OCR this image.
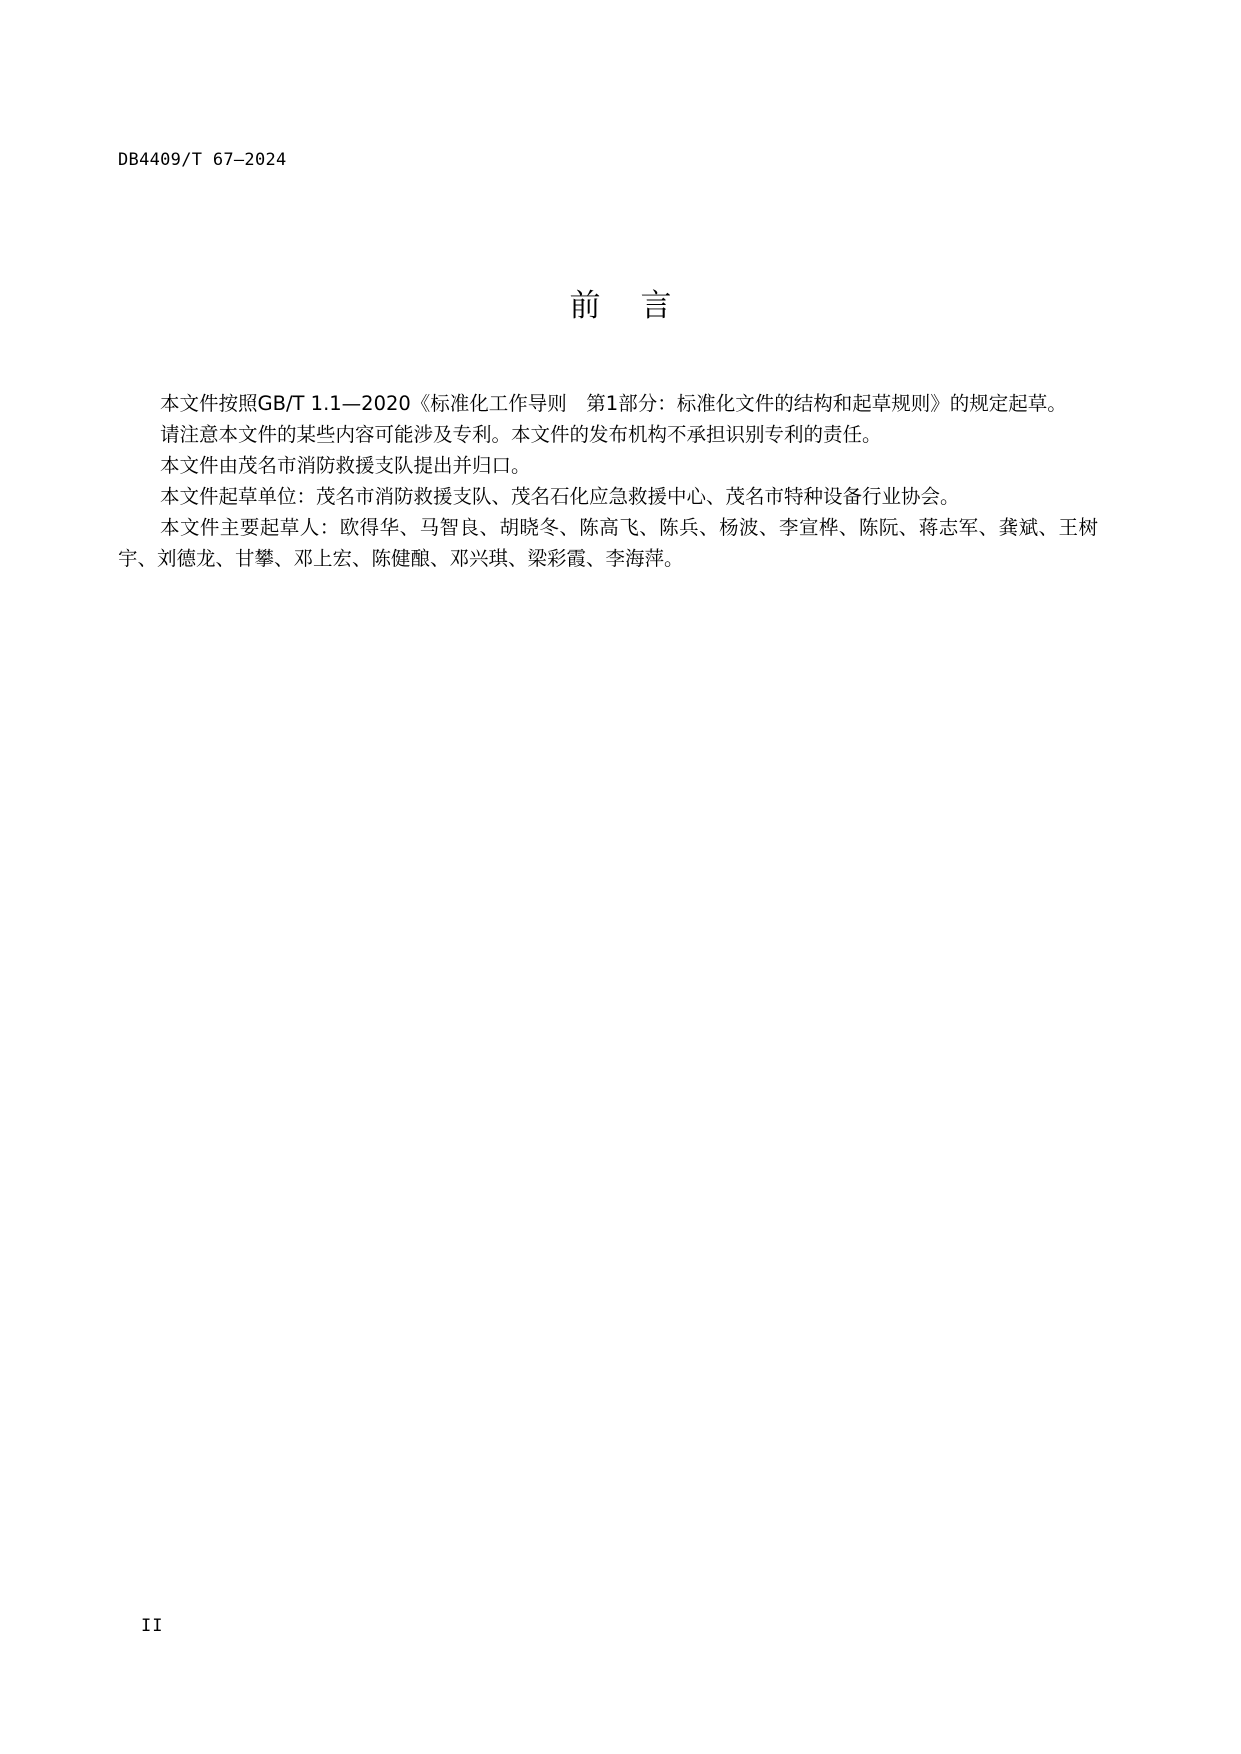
DB4409/T 67—2024
前言

本文件按照GB/T 1.1—2020《标准化工作导则　第1部分：标准化文件的结构和起草规则》的规定起草。

请注意本文件的某些内容可能涉及专利。本文件的发布机构不承担识别专利的责任。

本文件由茂名市消防救援支队提出并归口。

本文件起草单位：茂名市消防救援支队、茂名石化应急救援中心、茂名市特种设备行业协会。

本文件主要起草人：欧得华、马智良、胡晓冬、陈高飞、陈兵、杨波、李宣桦、陈阮、蒋志军、龚斌、王树宇、刘德龙、甘攀、邓上宏、陈健酿、邓兴琪、梁彩霞、李海萍。

II
